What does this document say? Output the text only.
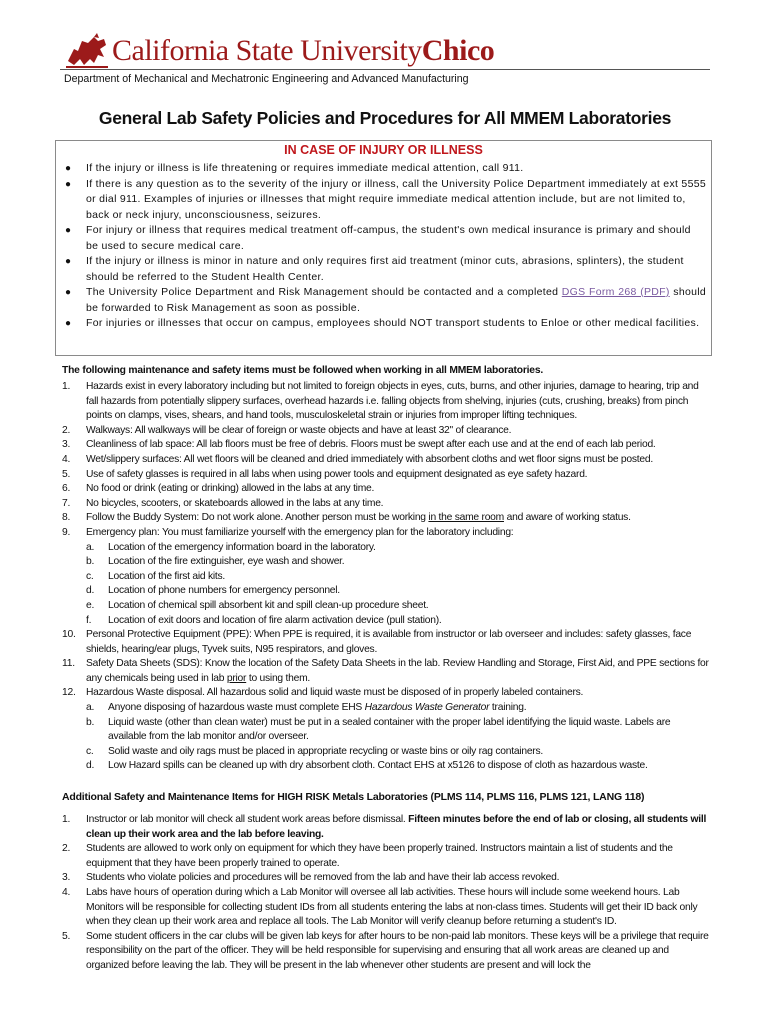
California State UniversityChico
Department of Mechanical and Mechatronic Engineering and Advanced Manufacturing
General Lab Safety Policies and Procedures for All MMEM Laboratories
IN CASE OF INJURY OR ILLNESS
● If the injury or illness is life threatening or requires immediate medical attention, call 911.
● If there is any question as to the severity of the injury or illness, call the University Police Department immediately at ext 5555 or dial 911. Examples of injuries or illnesses that might require immediate medical attention include, but are not limited to, back or neck injury, unconsciousness, seizures.
● For injury or illness that requires medical treatment off-campus, the student's own medical insurance is primary and should be used to secure medical care.
● If the injury or illness is minor in nature and only requires first aid treatment (minor cuts, abrasions, splinters), the student should be referred to the Student Health Center.
● The University Police Department and Risk Management should be contacted and a completed DGS Form 268 (PDF) should be forwarded to Risk Management as soon as possible.
● For injuries or illnesses that occur on campus, employees should NOT transport students to Enloe or other medical facilities.
The following maintenance and safety items must be followed when working in all MMEM laboratories.
1. Hazards exist in every laboratory including but not limited to foreign objects in eyes, cuts, burns, and other injuries, damage to hearing, trip and fall hazards from potentially slippery surfaces, overhead hazards i.e. falling objects from shelving, injuries (cuts, crushing, breaks) from pinch points on clamps, vises, shears, and hand tools, musculoskeletal strain or injuries from improper lifting techniques.
2. Walkways: All walkways will be clear of foreign or waste objects and have at least 32" of clearance.
3. Cleanliness of lab space: All lab floors must be free of debris. Floors must be swept after each use and at the end of each lab period.
4. Wet/slippery surfaces: All wet floors will be cleaned and dried immediately with absorbent cloths and wet floor signs must be posted.
5. Use of safety glasses is required in all labs when using power tools and equipment designated as eye safety hazard.
6. No food or drink (eating or drinking) allowed in the labs at any time.
7. No bicycles, scooters, or skateboards allowed in the labs at any time.
8. Follow the Buddy System: Do not work alone. Another person must be working in the same room and aware of working status.
9. Emergency plan: You must familiarize yourself with the emergency plan for the laboratory including:
a. Location of the emergency information board in the laboratory.
b. Location of the fire extinguisher, eye wash and shower.
c. Location of the first aid kits.
d. Location of phone numbers for emergency personnel.
e. Location of chemical spill absorbent kit and spill clean-up procedure sheet.
f. Location of exit doors and location of fire alarm activation device (pull station).
10. Personal Protective Equipment (PPE): When PPE is required, it is available from instructor or lab overseer and includes: safety glasses, face shields, hearing/ear plugs, Tyvek suits, N95 respirators, and gloves.
11. Safety Data Sheets (SDS): Know the location of the Safety Data Sheets in the lab. Review Handling and Storage, First Aid, and PPE sections for any chemicals being used in lab prior to using them.
12. Hazardous Waste disposal. All hazardous solid and liquid waste must be disposed of in properly labeled containers.
a. Anyone disposing of hazardous waste must complete EHS Hazardous Waste Generator training.
b. Liquid waste (other than clean water) must be put in a sealed container with the proper label identifying the liquid waste. Labels are available from the lab monitor and/or overseer.
c. Solid waste and oily rags must be placed in appropriate recycling or waste bins or oily rag containers.
d. Low Hazard spills can be cleaned up with dry absorbent cloth. Contact EHS at x5126 to dispose of cloth as hazardous waste.
Additional Safety and Maintenance Items for HIGH RISK Metals Laboratories (PLMS 114, PLMS 116, PLMS 121, LANG 118)
1. Instructor or lab monitor will check all student work areas before dismissal. Fifteen minutes before the end of lab or closing, all students will clean up their work area and the lab before leaving.
2. Students are allowed to work only on equipment for which they have been properly trained. Instructors maintain a list of students and the equipment that they have been properly trained to operate.
3. Students who violate policies and procedures will be removed from the lab and have their lab access revoked.
4. Labs have hours of operation during which a Lab Monitor will oversee all lab activities. These hours will include some weekend hours. Lab Monitors will be responsible for collecting student IDs from all students entering the labs at non-class times. Students will get their ID back only when they clean up their work area and replace all tools. The Lab Monitor will verify cleanup before returning a student's ID.
5. Some student officers in the car clubs will be given lab keys for after hours to be non-paid lab monitors. These keys will be a privilege that require responsibility on the part of the officer. They will be held responsible for supervising and ensuring that all work areas are cleaned up and organized before leaving the lab. They will be present in the lab whenever other students are present and will lock the
